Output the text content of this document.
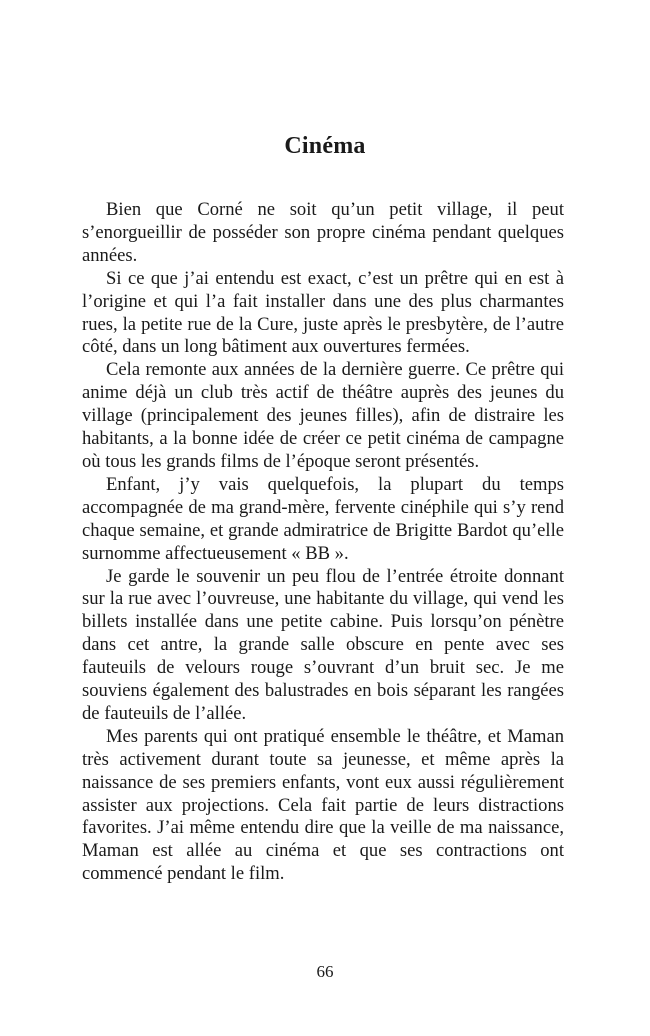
Cinéma

Bien que Corné ne soit qu’un petit village, il peut s’enorgueillir de posséder son propre cinéma pendant quelques années.

Si ce que j’ai entendu est exact, c’est un prêtre qui en est à l’origine et qui l’a fait installer dans une des plus charmantes rues, la petite rue de la Cure, juste après le presbytère, de l’autre côté, dans un long bâtiment aux ouvertures fermées.

Cela remonte aux années de la dernière guerre. Ce prêtre qui anime déjà un club très actif de théâtre auprès des jeunes du village (principalement des jeunes filles), afin de distraire les habitants, a la bonne idée de créer ce petit cinéma de campagne où tous les grands films de l’époque seront présentés.

Enfant, j’y vais quelquefois, la plupart du temps accompagnée de ma grand-mère, fervente cinéphile qui s’y rend chaque semaine, et grande admiratrice de Brigitte Bardot qu’elle surnomme affectueusement « BB ».

Je garde le souvenir un peu flou de l’entrée étroite donnant sur la rue avec l’ouvreuse, une habitante du village, qui vend les billets installée dans une petite cabine. Puis lorsqu’on pénètre dans cet antre, la grande salle obscure en pente avec ses fauteuils de velours rouge s’ouvrant d’un bruit sec. Je me souviens également des balustrades en bois séparant les rangées de fauteuils de l’allée.

Mes parents qui ont pratiqué ensemble le théâtre, et Maman très activement durant toute sa jeunesse, et même après la naissance de ses premiers enfants, vont eux aussi régulièrement assister aux projections. Cela fait partie de leurs distractions favorites. J’ai même entendu dire que la veille de ma naissance, Maman est allée au cinéma et que ses contractions ont commencé pendant le film.

66
